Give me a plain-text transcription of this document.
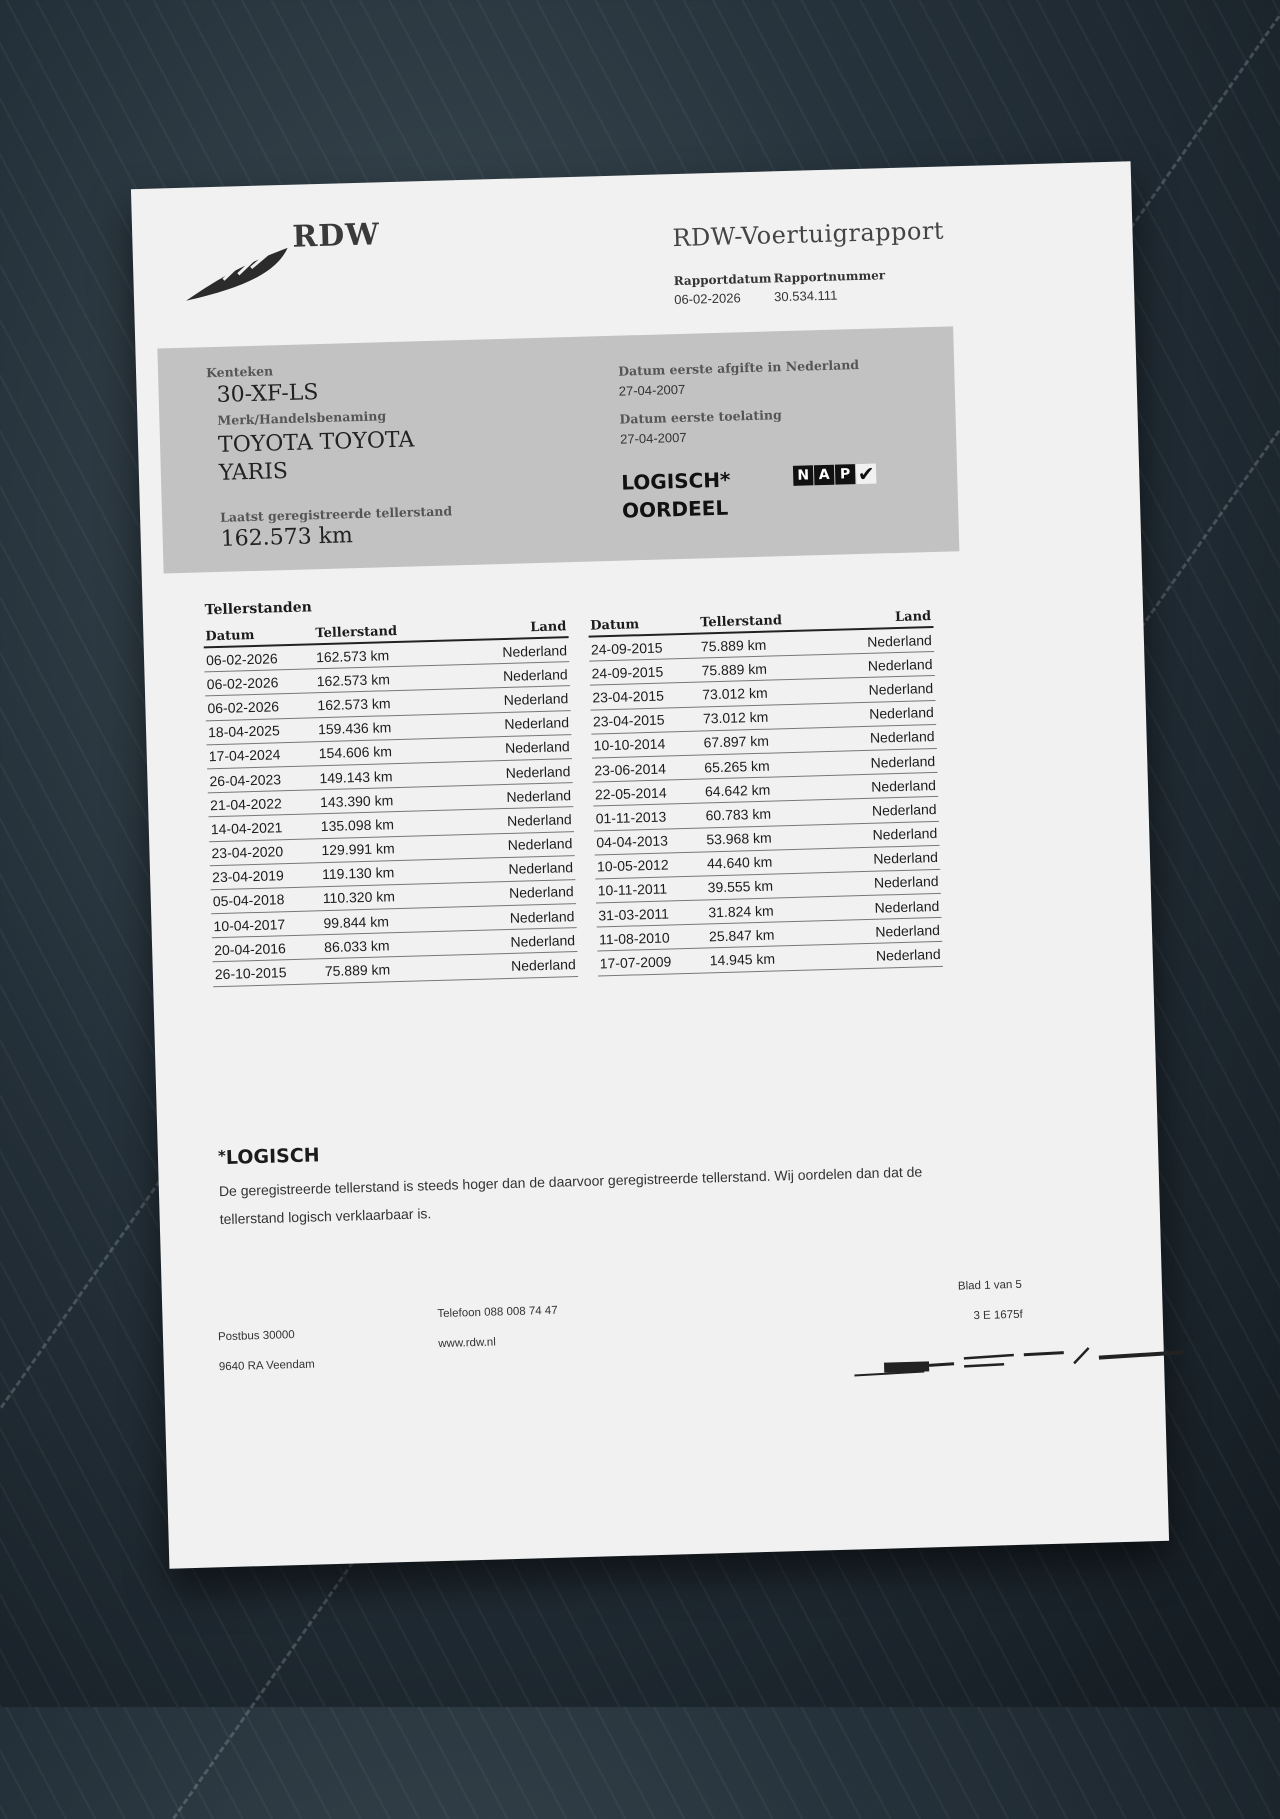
RDW	RDW-Voertuigrapport
Rapportdatum
06-02-2026
Rapportnummer
30.534.111
Kenteken
30-XF-LS
Merk/Handelsbenaming
TOYOTA TOYOTA
YARIS
Laatst geregistreerde tellerstand
162.573 km
Datum eerste afgifte in Nederland
27-04-2007
Datum eerste toelating
27-04-2007
LOGISCH*
OORDEEL
N A P ✔
Tellerstanden
Datum	Tellerstand	Land
06-02-2026	162.573 km	Nederland
06-02-2026	162.573 km	Nederland
06-02-2026	162.573 km	Nederland
18-04-2025	159.436 km	Nederland
17-04-2024	154.606 km	Nederland
26-04-2023	149.143 km	Nederland
21-04-2022	143.390 km	Nederland
14-04-2021	135.098 km	Nederland
23-04-2020	129.991 km	Nederland
23-04-2019	119.130 km	Nederland
05-04-2018	110.320 km	Nederland
10-04-2017	99.844 km	Nederland
20-04-2016	86.033 km	Nederland
26-10-2015	75.889 km	Nederland
Datum	Tellerstand	Land
24-09-2015	75.889 km	Nederland
24-09-2015	75.889 km	Nederland
23-04-2015	73.012 km	Nederland
23-04-2015	73.012 km	Nederland
10-10-2014	67.897 km	Nederland
23-06-2014	65.265 km	Nederland
22-05-2014	64.642 km	Nederland
01-11-2013	60.783 km	Nederland
04-04-2013	53.968 km	Nederland
10-05-2012	44.640 km	Nederland
10-11-2011	39.555 km	Nederland
31-03-2011	31.824 km	Nederland
11-08-2010	25.847 km	Nederland
17-07-2009	14.945 km	Nederland
*LOGISCH
De geregistreerde tellerstand is steeds hoger dan de daarvoor geregistreerde tellerstand. Wij oordelen dan dat de tellerstand logisch verklaarbaar is.
Postbus 30000
9640 RA Veendam
Telefoon 088 008 74 47
www.rdw.nl
Blad 1 van 5
3 E 1675f
